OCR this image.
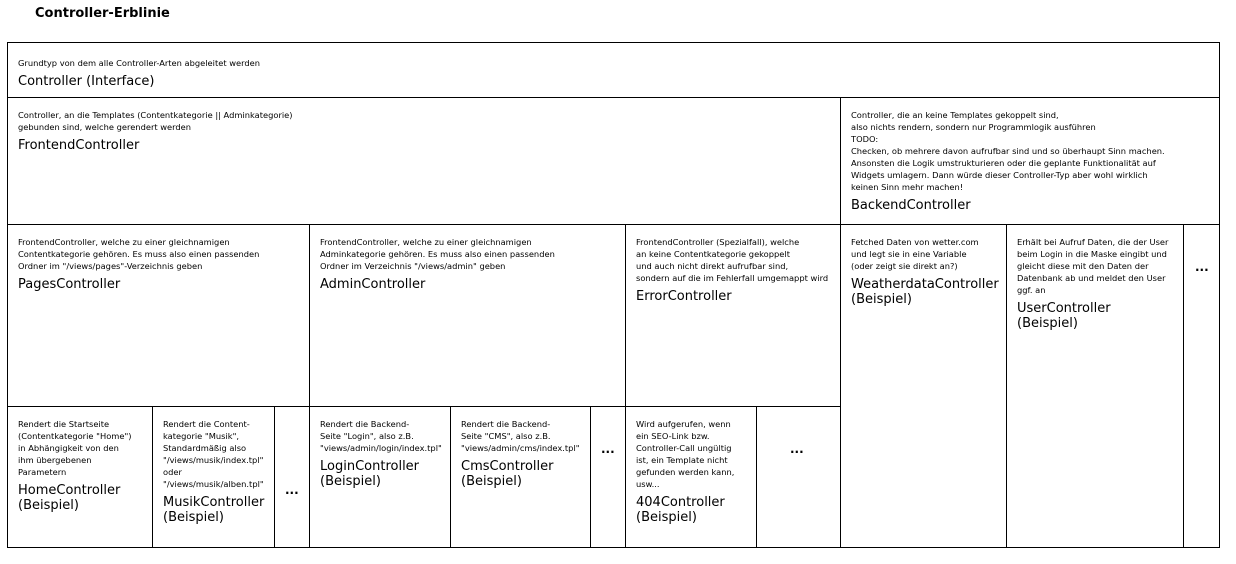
Controller-Erblinie
Grundtyp von dem alle Controller-Arten abgeleitet werden
Controller (Interface)
Controller, an die Templates (Contentkategorie || Adminkategorie)
gebunden sind, welche gerendert werden
FrontendController
Controller, die an keine Templates gekoppelt sind,
also nichts rendern, sondern nur Programmlogik ausführen
TODO:
Checken, ob mehrere davon aufrufbar sind und so überhaupt Sinn machen.
Ansonsten die Logik umstrukturieren oder die geplante Funktionalität auf
Widgets umlagern. Dann würde dieser Controller-Typ aber wohl wirklich
keinen Sinn mehr machen!
BackendController
FrontendController, welche zu einer gleichnamigen
Contentkategorie gehören. Es muss also einen passenden
Ordner im "/views/pages"-Verzeichnis geben
PagesController
FrontendController, welche zu einer gleichnamigen
Adminkategorie gehören. Es muss also einen passenden
Ordner im Verzeichnis "/views/admin" geben
AdminController
FrontendController (Spezialfall), welche
an keine Contentkategorie gekoppelt
und auch nicht direkt aufrufbar sind,
sondern auf die im Fehlerfall umgemappt wird
ErrorController
Fetched Daten von wetter.com
und legt sie in eine Variable
(oder zeigt sie direkt an?)
WeatherdataController
(Beispiel)
Erhält bei Aufruf Daten, die der User
beim Login in die Maske eingibt und
gleicht diese mit den Daten der
Datenbank ab und meldet den User
ggf. an
UserController
(Beispiel)
...
Rendert die Startseite
(Contentkategorie "Home")
in Abhängigkeit von den
ihm übergebenen Parametern
HomeController
(Beispiel)
Rendert die Content-
kategorie "Musik",
Standardmäßig also
"/views/musik/index.tpl"
oder
"/views/musik/alben.tpl"
MusikController
(Beispiel)
...
Rendert die Backend-
Seite "Login", also z.B.
"views/admin/login/index.tpl"
LoginController
(Beispiel)
Rendert die Backend-
Seite "CMS", also z.B.
"views/admin/cms/index.tpl"
CmsController
(Beispiel)
...
Wird aufgerufen, wenn
ein SEO-Link bzw.
Controller-Call ungültig
ist, ein Template nicht
gefunden werden kann,
usw...
404Controller
(Beispiel)
...
